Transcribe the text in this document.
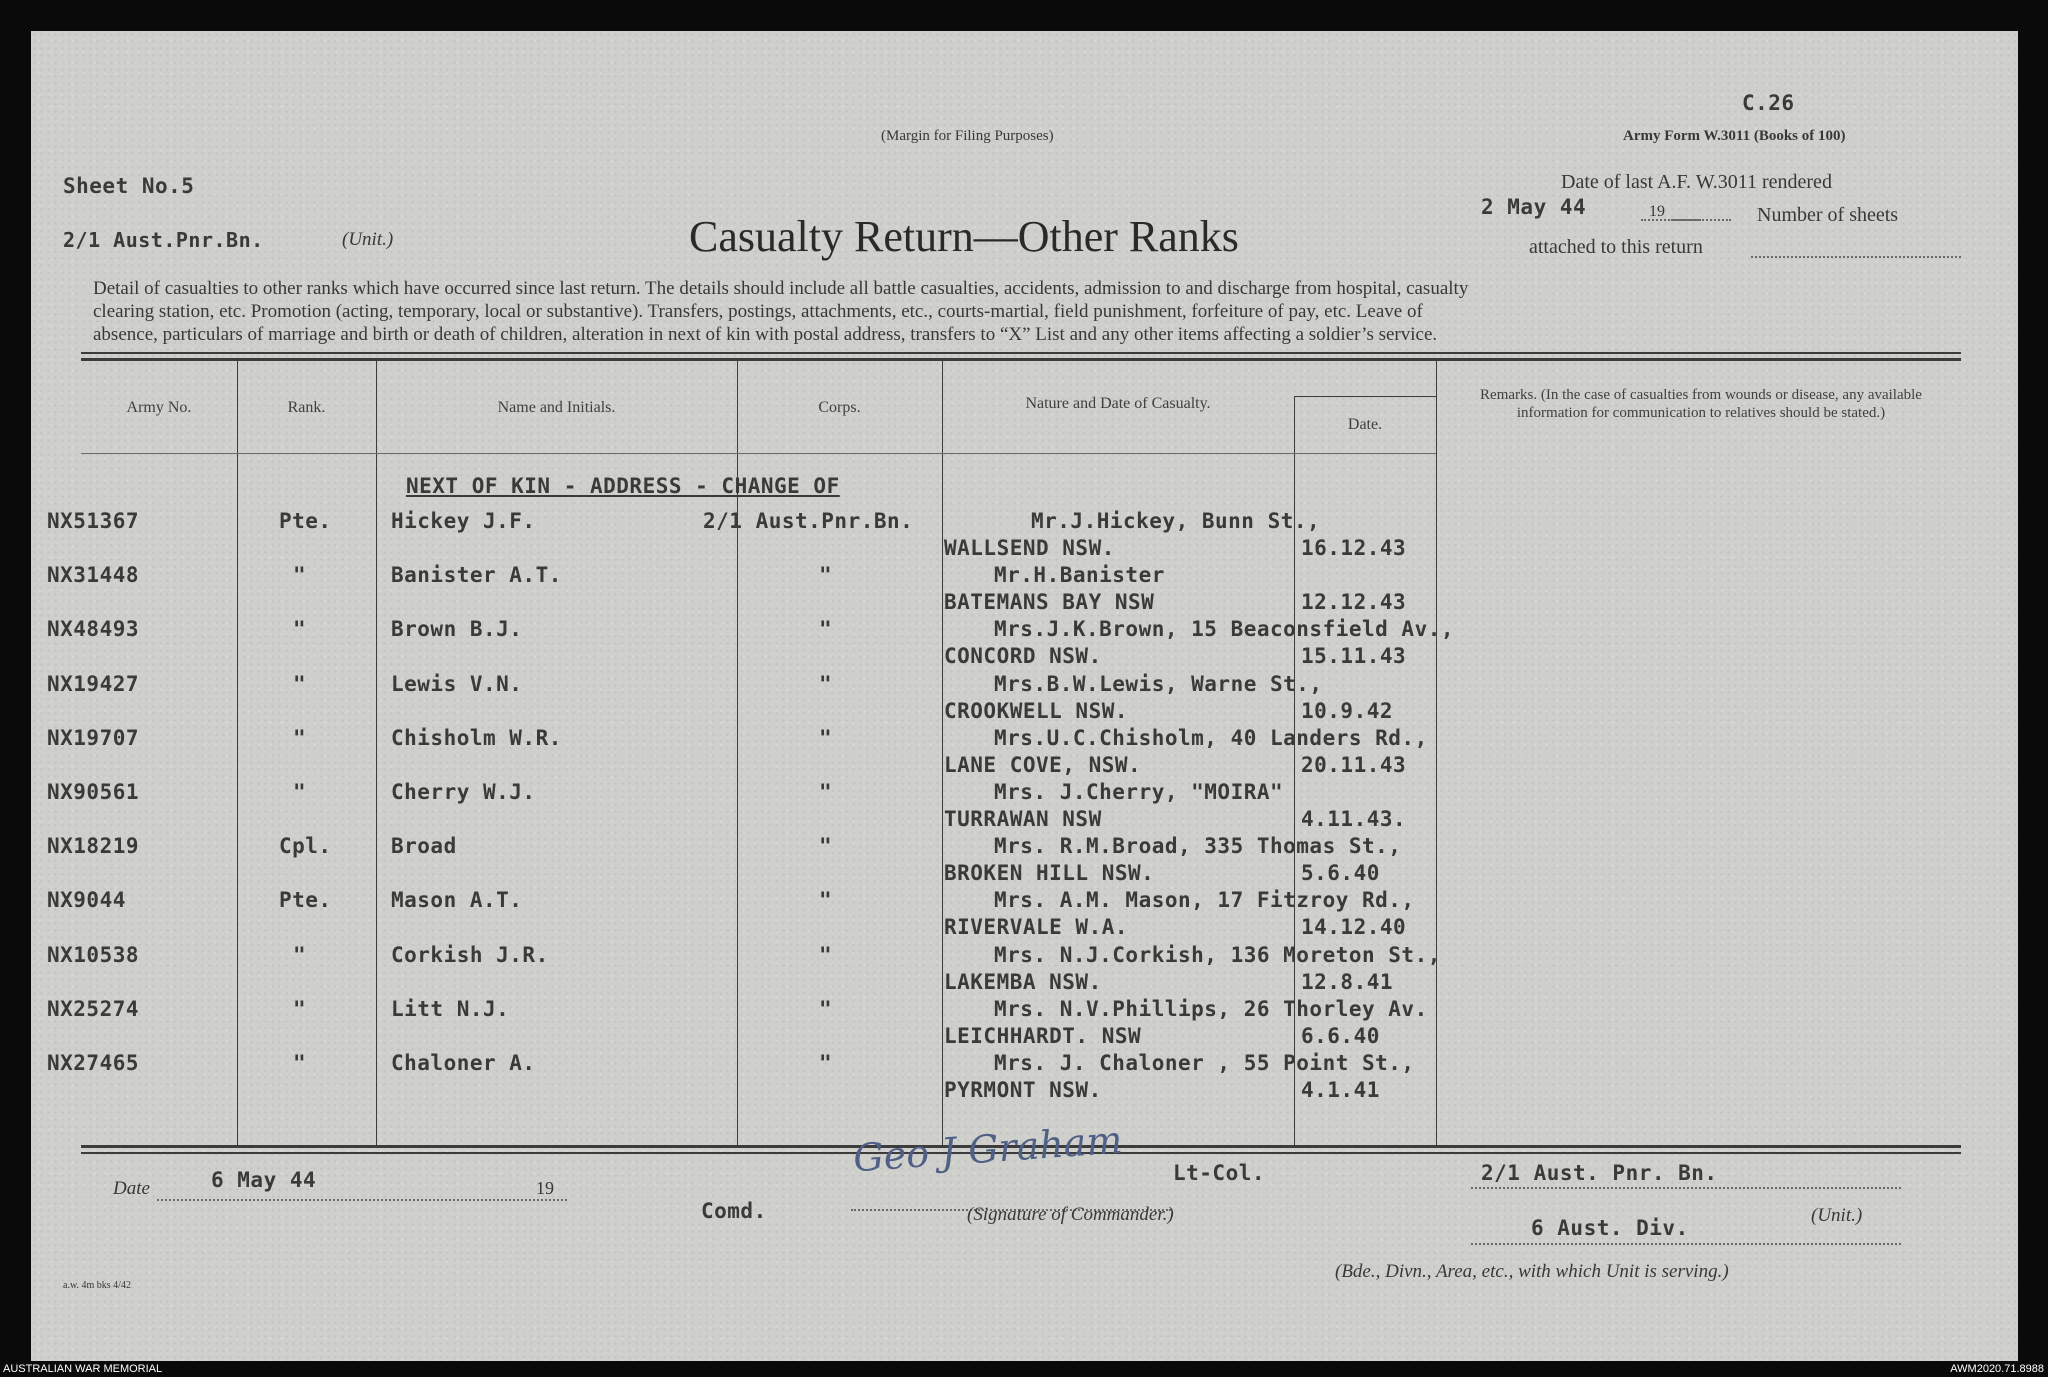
C.26
Army Form W.3011 (Books of 100)
(Margin for Filing Purposes)
Sheet No.5
2/1 Aust.Pnr.Bn.	(Unit.)	Casualty Return—Other Ranks
Date of last A.F. W.3011 rendered
2 May 44	19	Number of sheets
attached to this return
Detail of casualties to other ranks which have occurred since last return. The details should include all battle casualties, accidents, admission to and discharge from hospital, casualty
clearing station, etc. Promotion (acting, temporary, local or substantive). Transfers, postings, attachments, etc., courts-martial, field punishment, forfeiture of pay, etc. Leave of
absence, particulars of marriage and birth or death of children, alteration in next of kin with postal address, transfers to “X” List and any other items affecting a soldier’s service.
Army No.	Rank.	Name and Initials.	Corps.	Nature and Date of Casualty.
Date.
Remarks. (In the case of casualties from wounds or disease, any available information for communication to relatives should be stated.)
NEXT OF KIN - ADDRESS - CHANGE OF
NX51367	Pte.	Hickey J.F.	2/1 Aust.Pnr.Bn.	Mr.J.Hickey, Bunn St.,
WALLSEND NSW.	16.12.43
NX31448	"	Banister A.T.	"	Mr.H.Banister
BATEMANS BAY NSW	12.12.43
NX48493	"	Brown B.J.	"	Mrs.J.K.Brown, 15 Beaconsfield Av.,
CONCORD NSW.	15.11.43
NX19427	"	Lewis V.N.	"	Mrs.B.W.Lewis, Warne St.,
CROOKWELL NSW.	10.9.42
NX19707	"	Chisholm W.R.	"	Mrs.U.C.Chisholm, 40 Landers Rd.,
LANE COVE, NSW.	20.11.43
NX90561	"	Cherry W.J.	"	Mrs. J.Cherry, "MOIRA"
TURRAWAN NSW	4.11.43.
NX18219	Cpl.	Broad	"	Mrs. R.M.Broad, 335 Thomas St.,
BROKEN HILL NSW.	5.6.40
NX9044	Pte.	Mason A.T.	"	Mrs. A.M. Mason, 17 Fitzroy Rd.,
RIVERVALE W.A.	14.12.40
NX10538	"	Corkish J.R.	"	Mrs. N.J.Corkish, 136 Moreton St.,
LAKEMBA NSW.	12.8.41
NX25274	"	Litt N.J.	"	Mrs. N.V.Phillips, 26 Thorley Av.
LEICHHARDT. NSW	6.6.40
NX27465	"	Chaloner A.	"	Mrs. J. Chaloner , 55 Point St.,
PYRMONT NSW.	4.1.41
Date	6 May 44	19
Comd.
Geo J Graham
(Signature of Commander.)
Lt-Col.	2/1 Aust. Pnr. Bn.
6 Aust. Div.
(Unit.)
(Bde., Divn., Area, etc., with which Unit is serving.)
a.w. 4m bks 4/42
AUSTRALIAN WAR MEMORIAL	AWM2020.71.8988
